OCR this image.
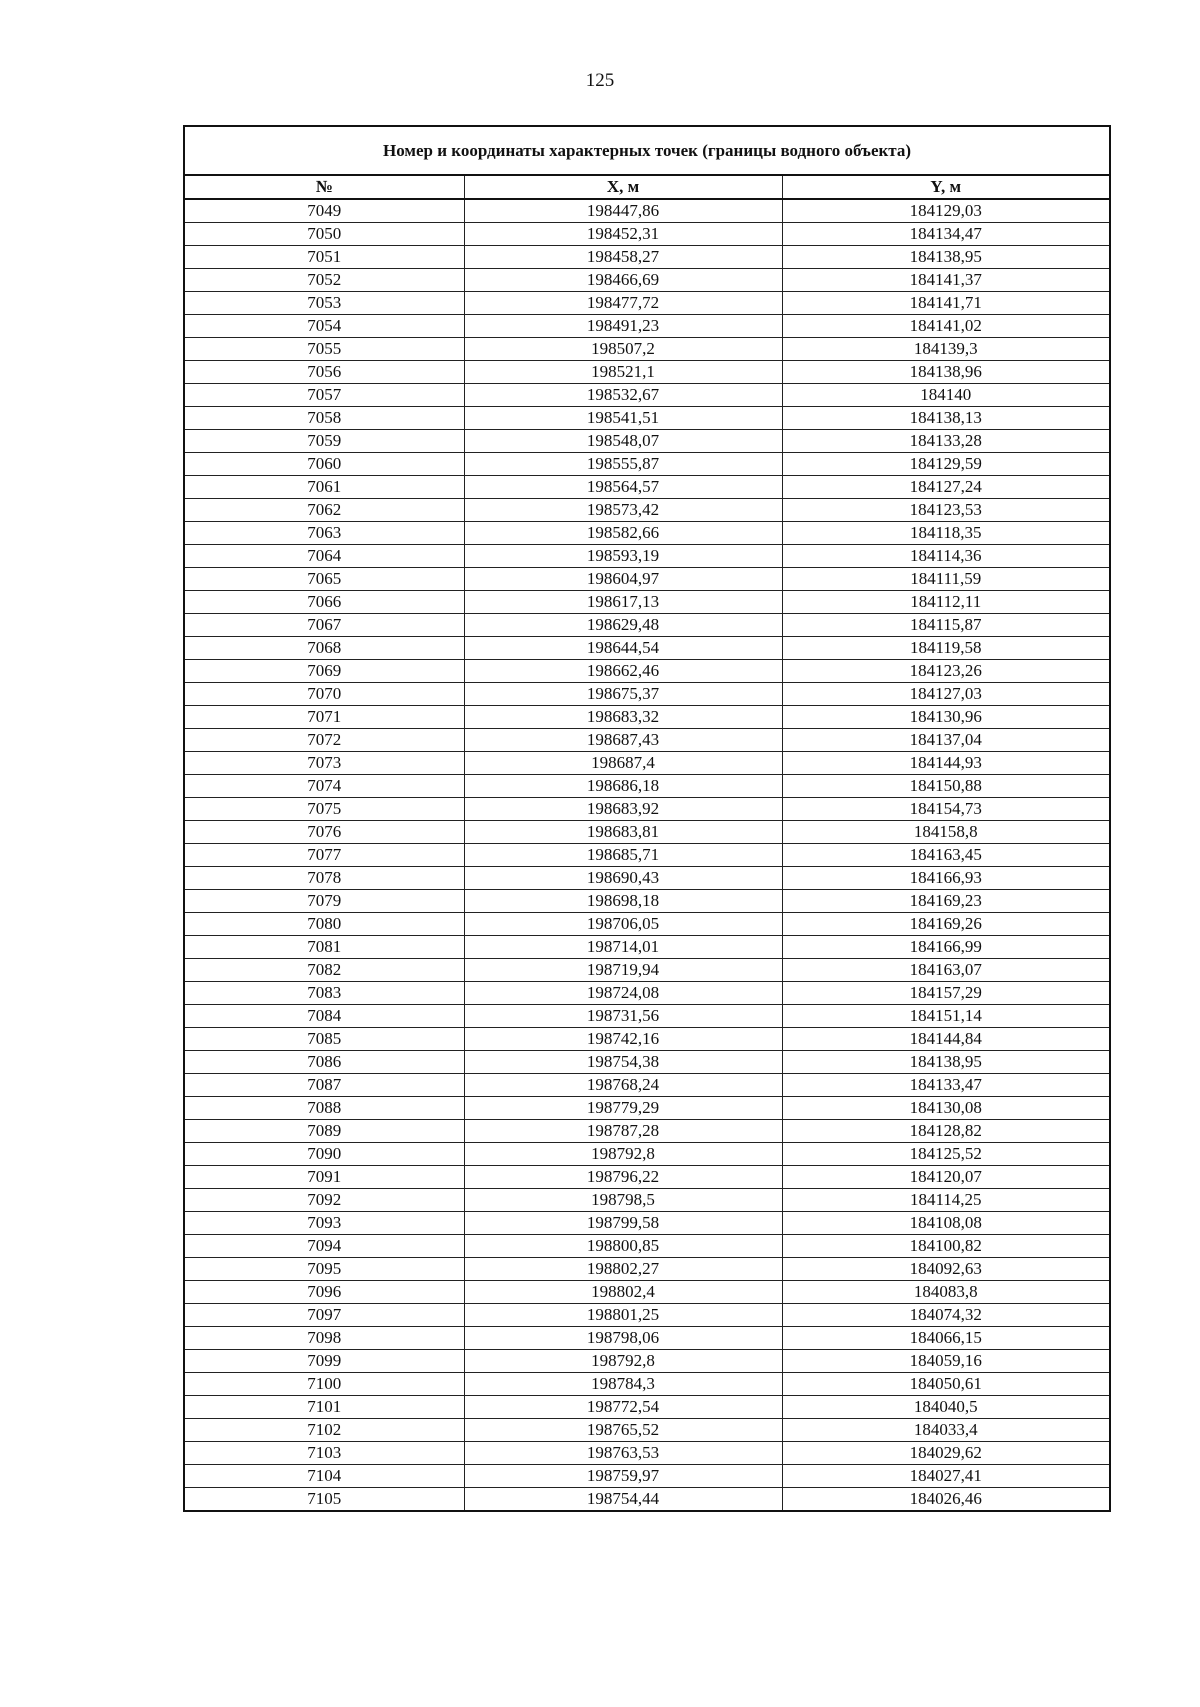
125
Номер и координаты характерных точек (границы водного объекта)		
№	X, м	Y, м
7049	198447,86	184129,03
7050	198452,31	184134,47
7051	198458,27	184138,95
7052	198466,69	184141,37
7053	198477,72	184141,71
7054	198491,23	184141,02
7055	198507,2	184139,3
7056	198521,1	184138,96
7057	198532,67	184140
7058	198541,51	184138,13
7059	198548,07	184133,28
7060	198555,87	184129,59
7061	198564,57	184127,24
7062	198573,42	184123,53
7063	198582,66	184118,35
7064	198593,19	184114,36
7065	198604,97	184111,59
7066	198617,13	184112,11
7067	198629,48	184115,87
7068	198644,54	184119,58
7069	198662,46	184123,26
7070	198675,37	184127,03
7071	198683,32	184130,96
7072	198687,43	184137,04
7073	198687,4	184144,93
7074	198686,18	184150,88
7075	198683,92	184154,73
7076	198683,81	184158,8
7077	198685,71	184163,45
7078	198690,43	184166,93
7079	198698,18	184169,23
7080	198706,05	184169,26
7081	198714,01	184166,99
7082	198719,94	184163,07
7083	198724,08	184157,29
7084	198731,56	184151,14
7085	198742,16	184144,84
7086	198754,38	184138,95
7087	198768,24	184133,47
7088	198779,29	184130,08
7089	198787,28	184128,82
7090	198792,8	184125,52
7091	198796,22	184120,07
7092	198798,5	184114,25
7093	198799,58	184108,08
7094	198800,85	184100,82
7095	198802,27	184092,63
7096	198802,4	184083,8
7097	198801,25	184074,32
7098	198798,06	184066,15
7099	198792,8	184059,16
7100	198784,3	184050,61
7101	198772,54	184040,5
7102	198765,52	184033,4
7103	198763,53	184029,62
7104	198759,97	184027,41
7105	198754,44	184026,46
